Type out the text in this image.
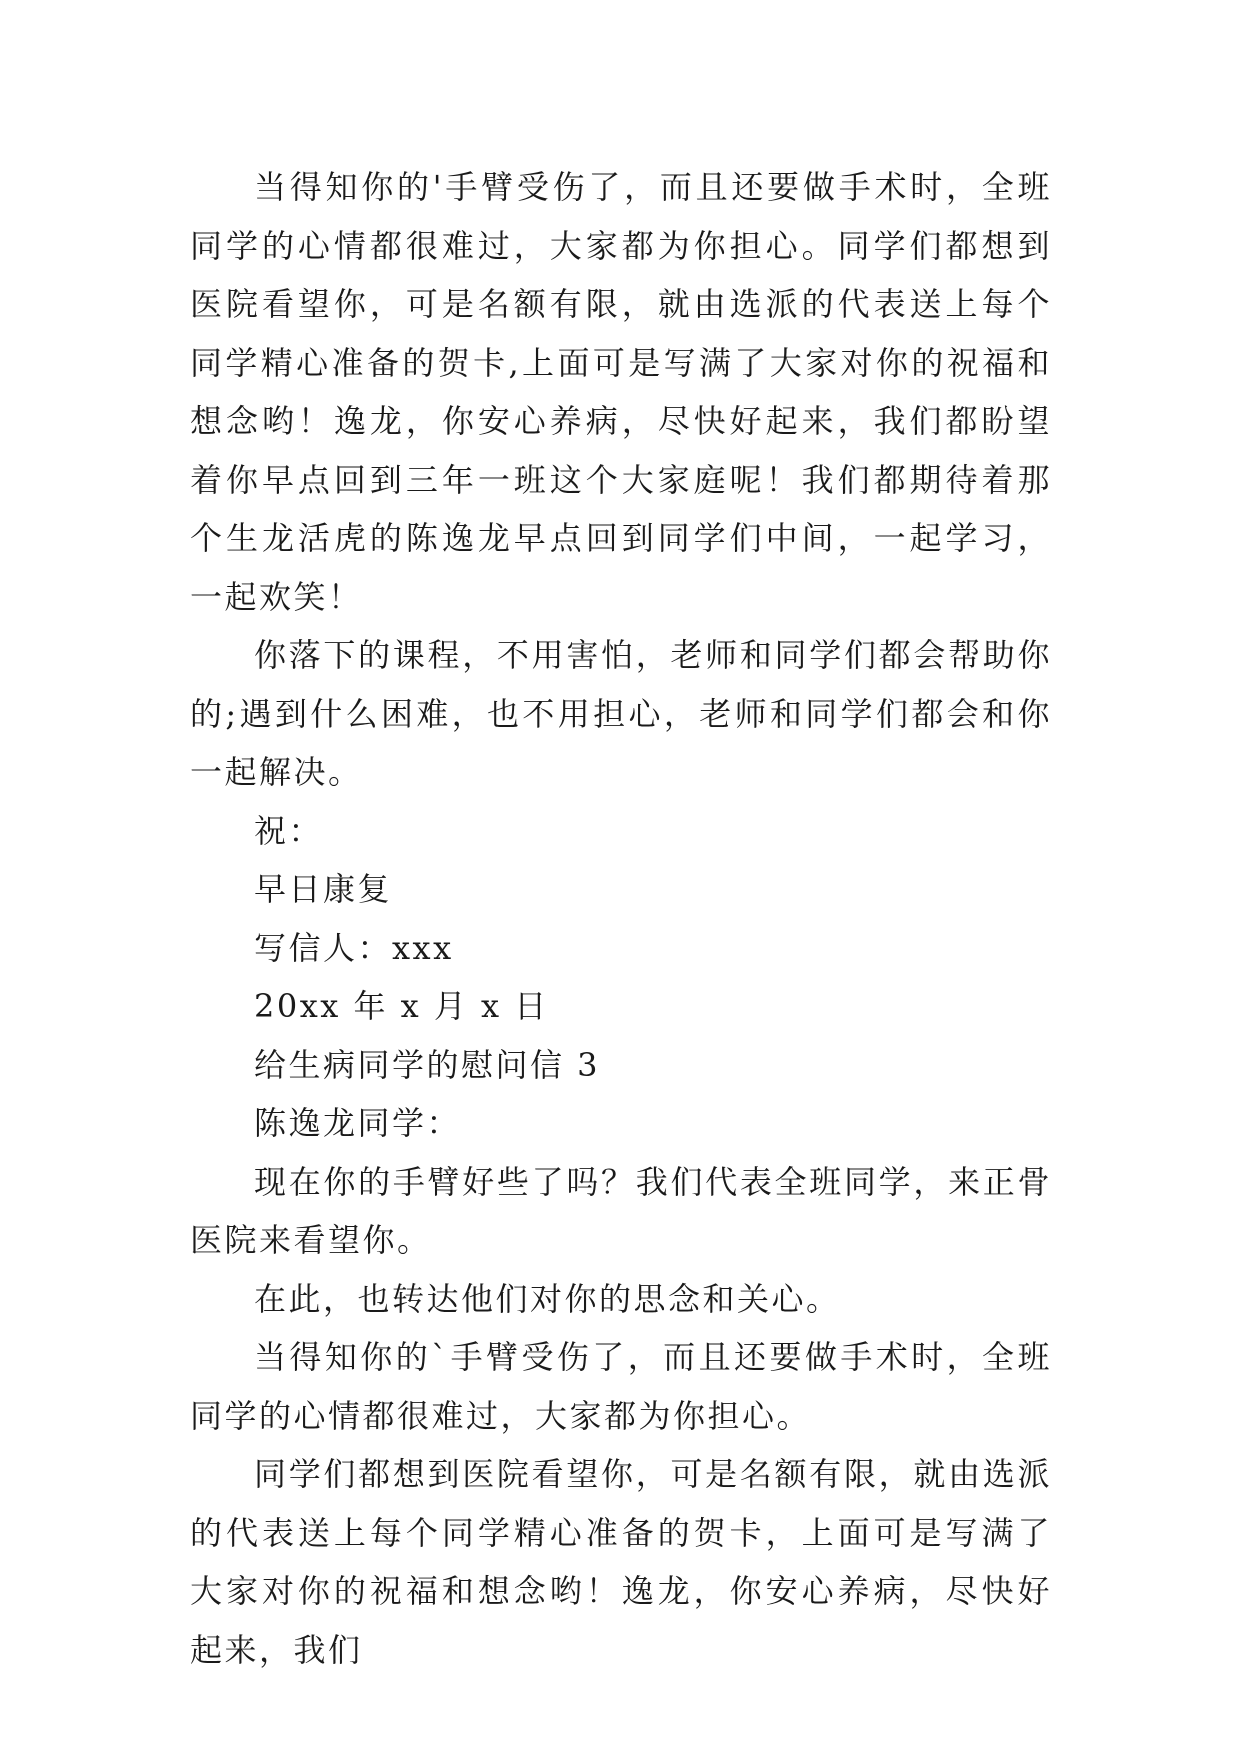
当得知你的'手臂受伤了，而且还要做手术时，全班同学的心情都很难过，大家都为你担心。同学们都想到医院看望你，可是名额有限，就由选派的代表送上每个同学精心准备的贺卡,上面可是写满了大家对你的祝福和想念哟！逸龙，你安心养病，尽快好起来，我们都盼望着你早点回到三年一班这个大家庭呢！我们都期待着那个生龙活虎的陈逸龙早点回到同学们中间，一起学习，一起欢笑！

你落下的课程，不用害怕，老师和同学们都会帮助你的;遇到什么困难，也不用担心，老师和同学们都会和你一起解决。

祝：

早日康复

写信人：xxx

20xx 年 x 月 x 日

给生病同学的慰问信 3

陈逸龙同学：

现在你的手臂好些了吗？我们代表全班同学，来正骨医院来看望你。

在此，也转达他们对你的思念和关心。

当得知你的`手臂受伤了，而且还要做手术时，全班同学的心情都很难过，大家都为你担心。

同学们都想到医院看望你，可是名额有限，就由选派的代表送上每个同学精心准备的贺卡，上面可是写满了大家对你的祝福和想念哟！逸龙，你安心养病，尽快好起来，我们
